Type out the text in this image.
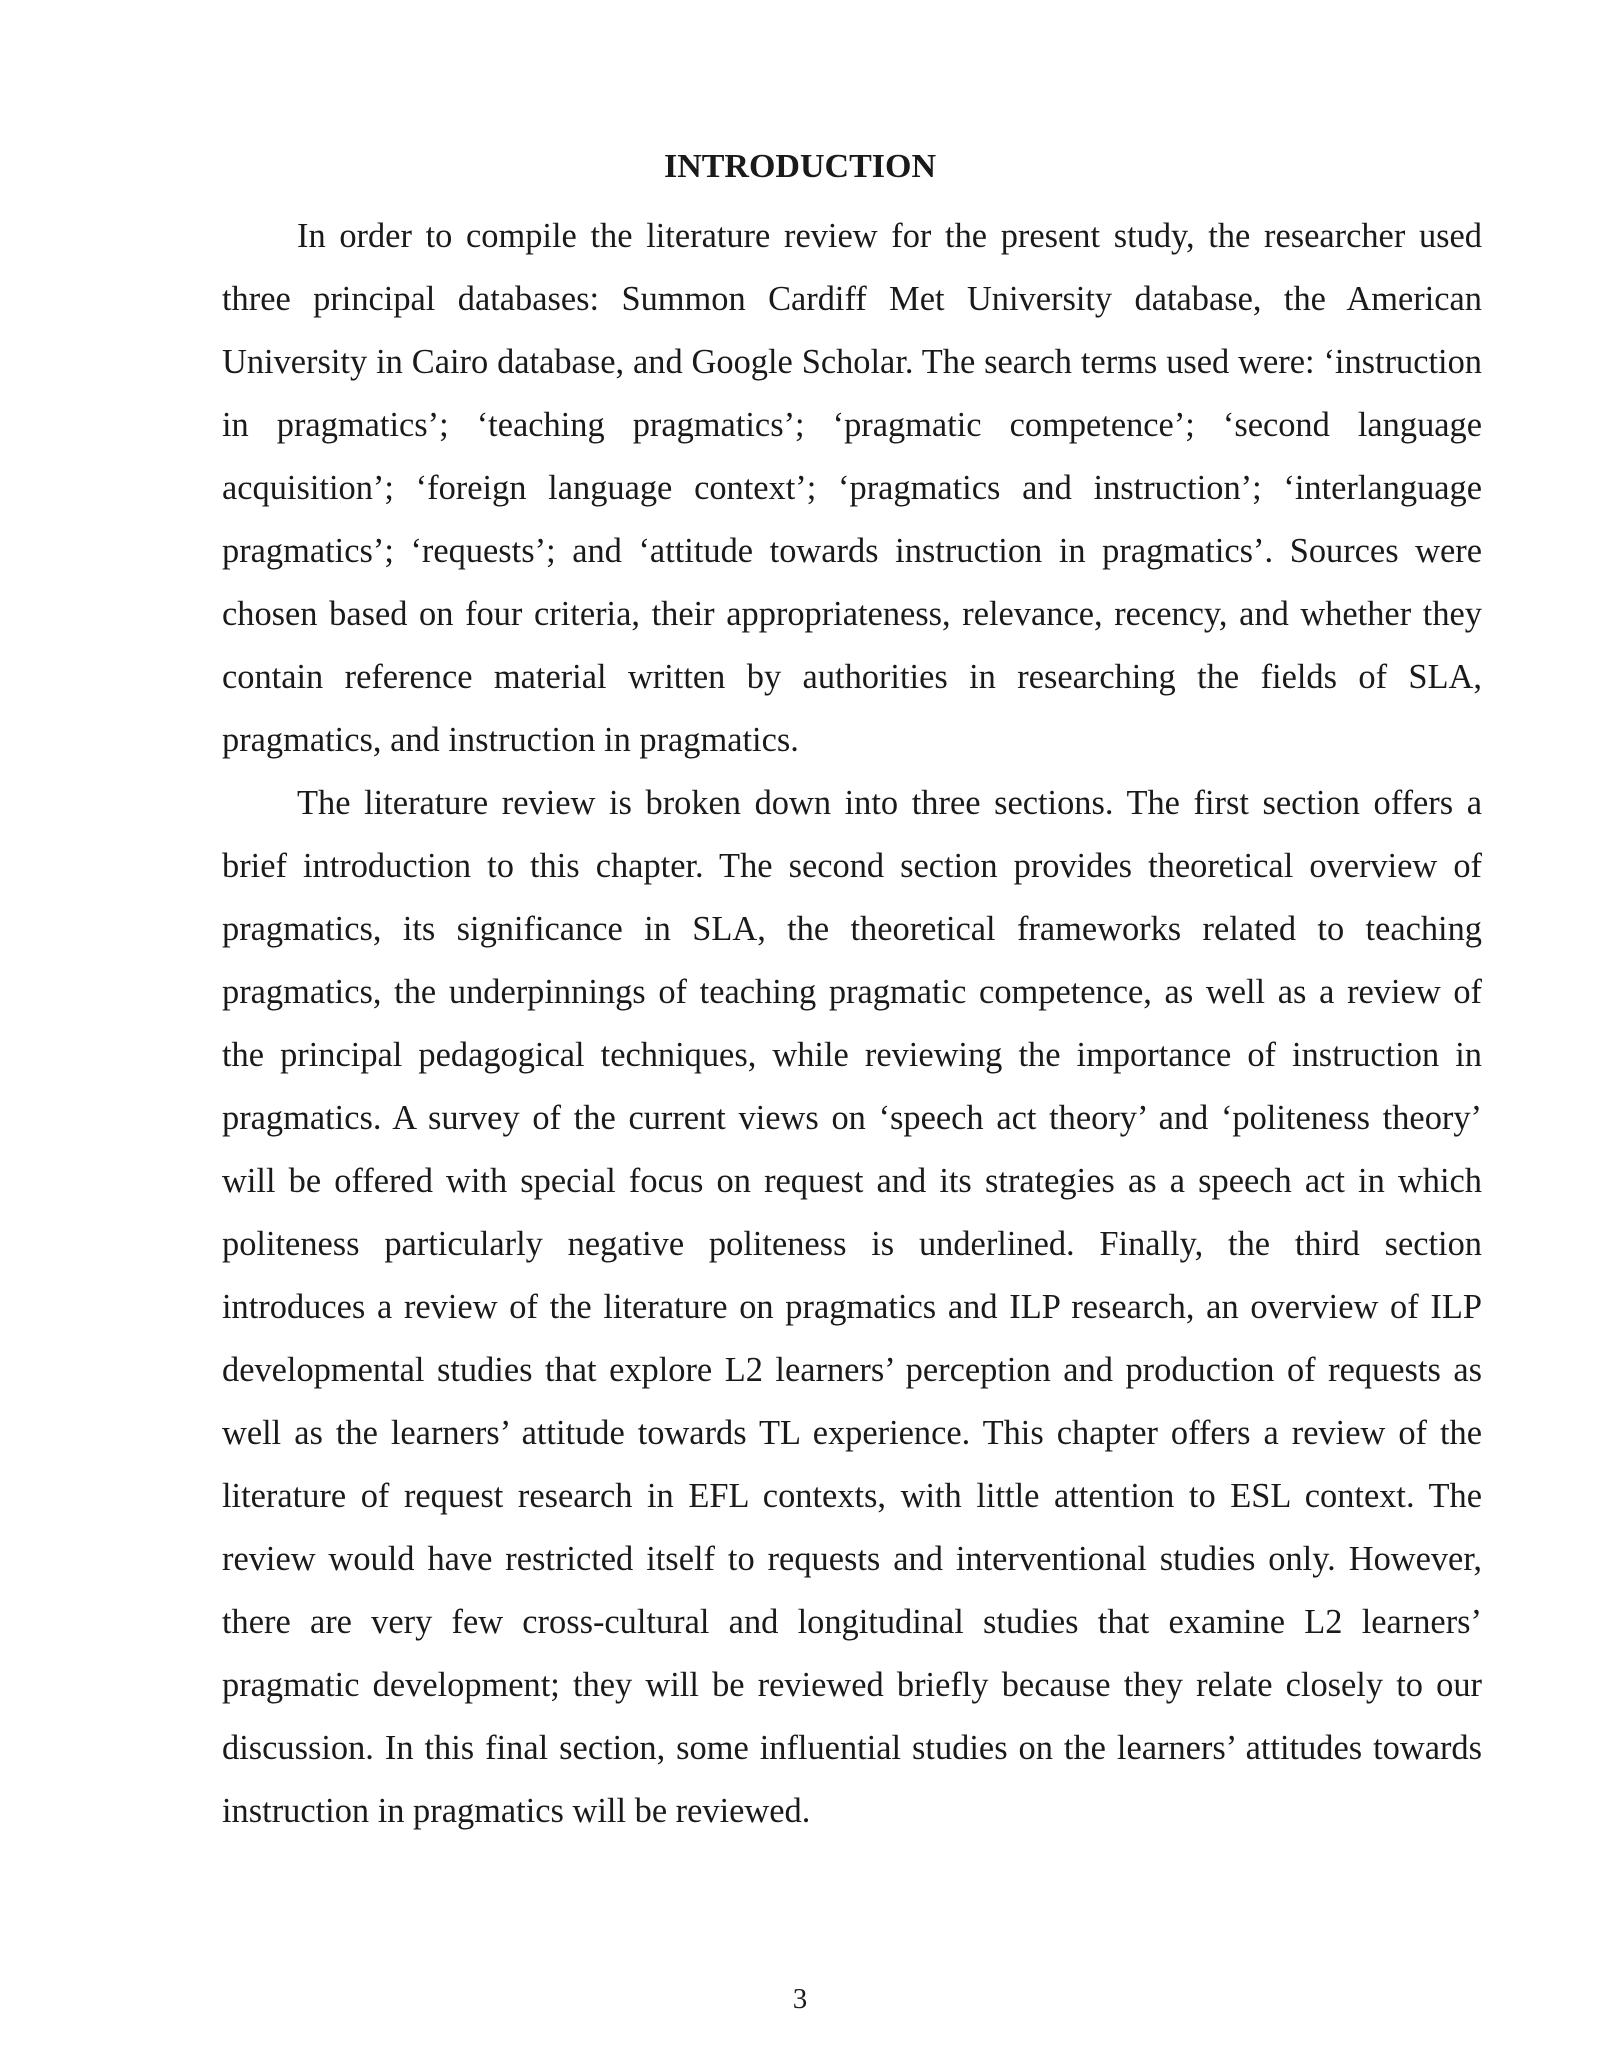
INTRODUCTION

In order to compile the literature review for the present study, the researcher used three principal databases: Summon Cardiff Met University database, the American University in Cairo database, and Google Scholar. The search terms used were: ‘instruction in pragmatics’; ‘teaching pragmatics’; ‘pragmatic competence’; ‘second language acquisition’; ‘foreign language context’; ‘pragmatics and instruction’; ‘interlanguage pragmatics’; ‘requests’; and ‘attitude towards instruction in pragmatics’. Sources were chosen based on four criteria, their appropriateness, relevance, recency, and whether they contain reference material written by authorities in researching the fields of SLA, pragmatics, and instruction in pragmatics.

The literature review is broken down into three sections. The first section offers a brief introduction to this chapter. The second section provides theoretical overview of pragmatics, its significance in SLA, the theoretical frameworks related to teaching pragmatics, the underpinnings of teaching pragmatic competence, as well as a review of the principal pedagogical techniques, while reviewing the importance of instruction in pragmatics. A survey of the current views on ‘speech act theory’ and ‘politeness theory’ will be offered with special focus on request and its strategies as a speech act in which politeness particularly negative politeness is underlined. Finally, the third section introduces a review of the literature on pragmatics and ILP research, an overview of ILP developmental studies that explore L2 learners’ perception and production of requests as well as the learners’ attitude towards TL experience. This chapter offers a review of the literature of request research in EFL contexts, with little attention to ESL context. The review would have restricted itself to requests and interventional studies only. However, there are very few cross-cultural and longitudinal studies that examine L2 learners’ pragmatic development; they will be reviewed briefly because they relate closely to our discussion. In this final section, some influential studies on the learners’ attitudes towards instruction in pragmatics will be reviewed.

3
